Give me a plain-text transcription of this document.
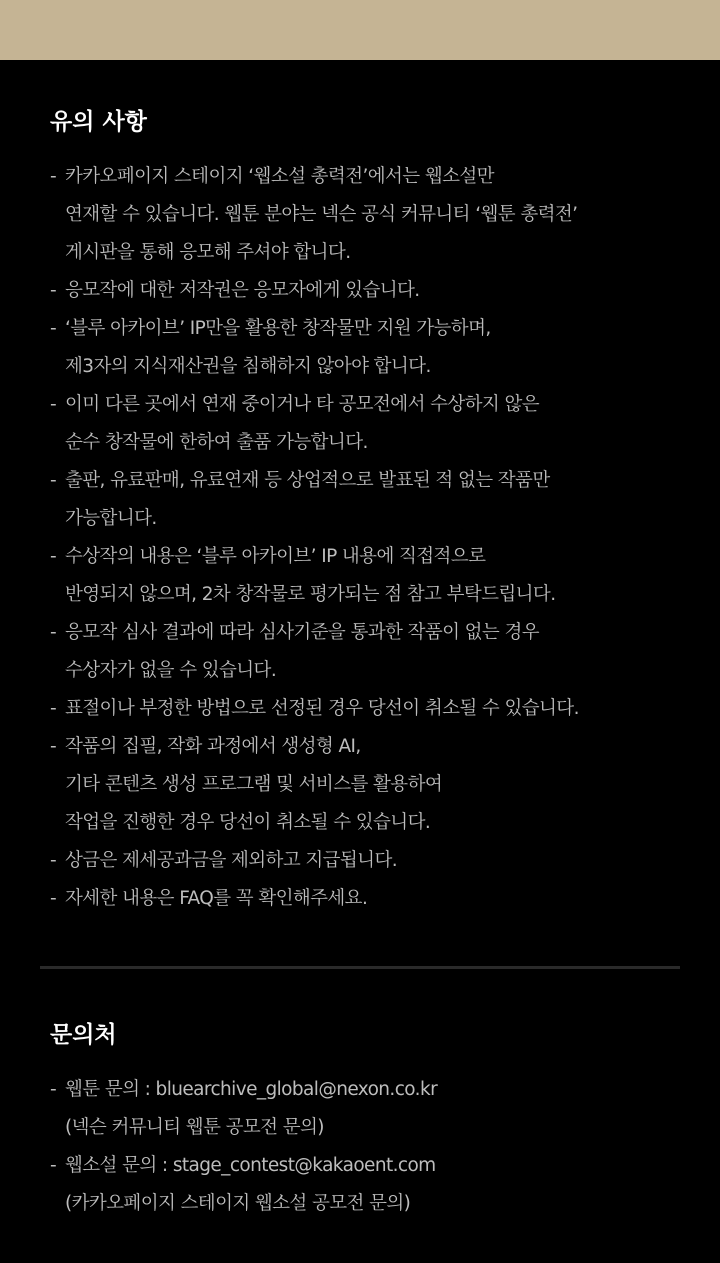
유의 사항
- 카카오페이지 스테이지 ‘웹소설 총력전’에서는 웹소설만
연재할 수 있습니다. 웹툰 분야는 넥슨 공식 커뮤니티 ‘웹툰 총력전’
게시판을 통해 응모해 주셔야 합니다.
- 응모작에 대한 저작권은 응모자에게 있습니다.
- ‘블루 아카이브’ IP만을 활용한 창작물만 지원 가능하며,
제3자의 지식재산권을 침해하지 않아야 합니다.
- 이미 다른 곳에서 연재 중이거나 타 공모전에서 수상하지 않은
순수 창작물에 한하여 출품 가능합니다.
- 출판, 유료판매, 유료연재 등 상업적으로 발표된 적 없는 작품만
가능합니다.
- 수상작의 내용은 ‘블루 아카이브’ IP 내용에 직접적으로
반영되지 않으며, 2차 창작물로 평가되는 점 참고 부탁드립니다.
- 응모작 심사 결과에 따라 심사기준을 통과한 작품이 없는 경우
수상자가 없을 수 있습니다.
- 표절이나 부정한 방법으로 선정된 경우 당선이 취소될 수 있습니다.
- 작품의 집필, 작화 과정에서 생성형 AI,
기타 콘텐츠 생성 프로그램 및 서비스를 활용하여
작업을 진행한 경우 당선이 취소될 수 있습니다.
- 상금은 제세공과금을 제외하고 지급됩니다.
- 자세한 내용은 FAQ를 꼭 확인해주세요.
문의처
- 웹툰 문의 : bluearchive_global@nexon.co.kr
(넥슨 커뮤니티 웹툰 공모전 문의)
- 웹소설 문의 : stage_contest@kakaoent.com
(카카오페이지 스테이지 웹소설 공모전 문의)
